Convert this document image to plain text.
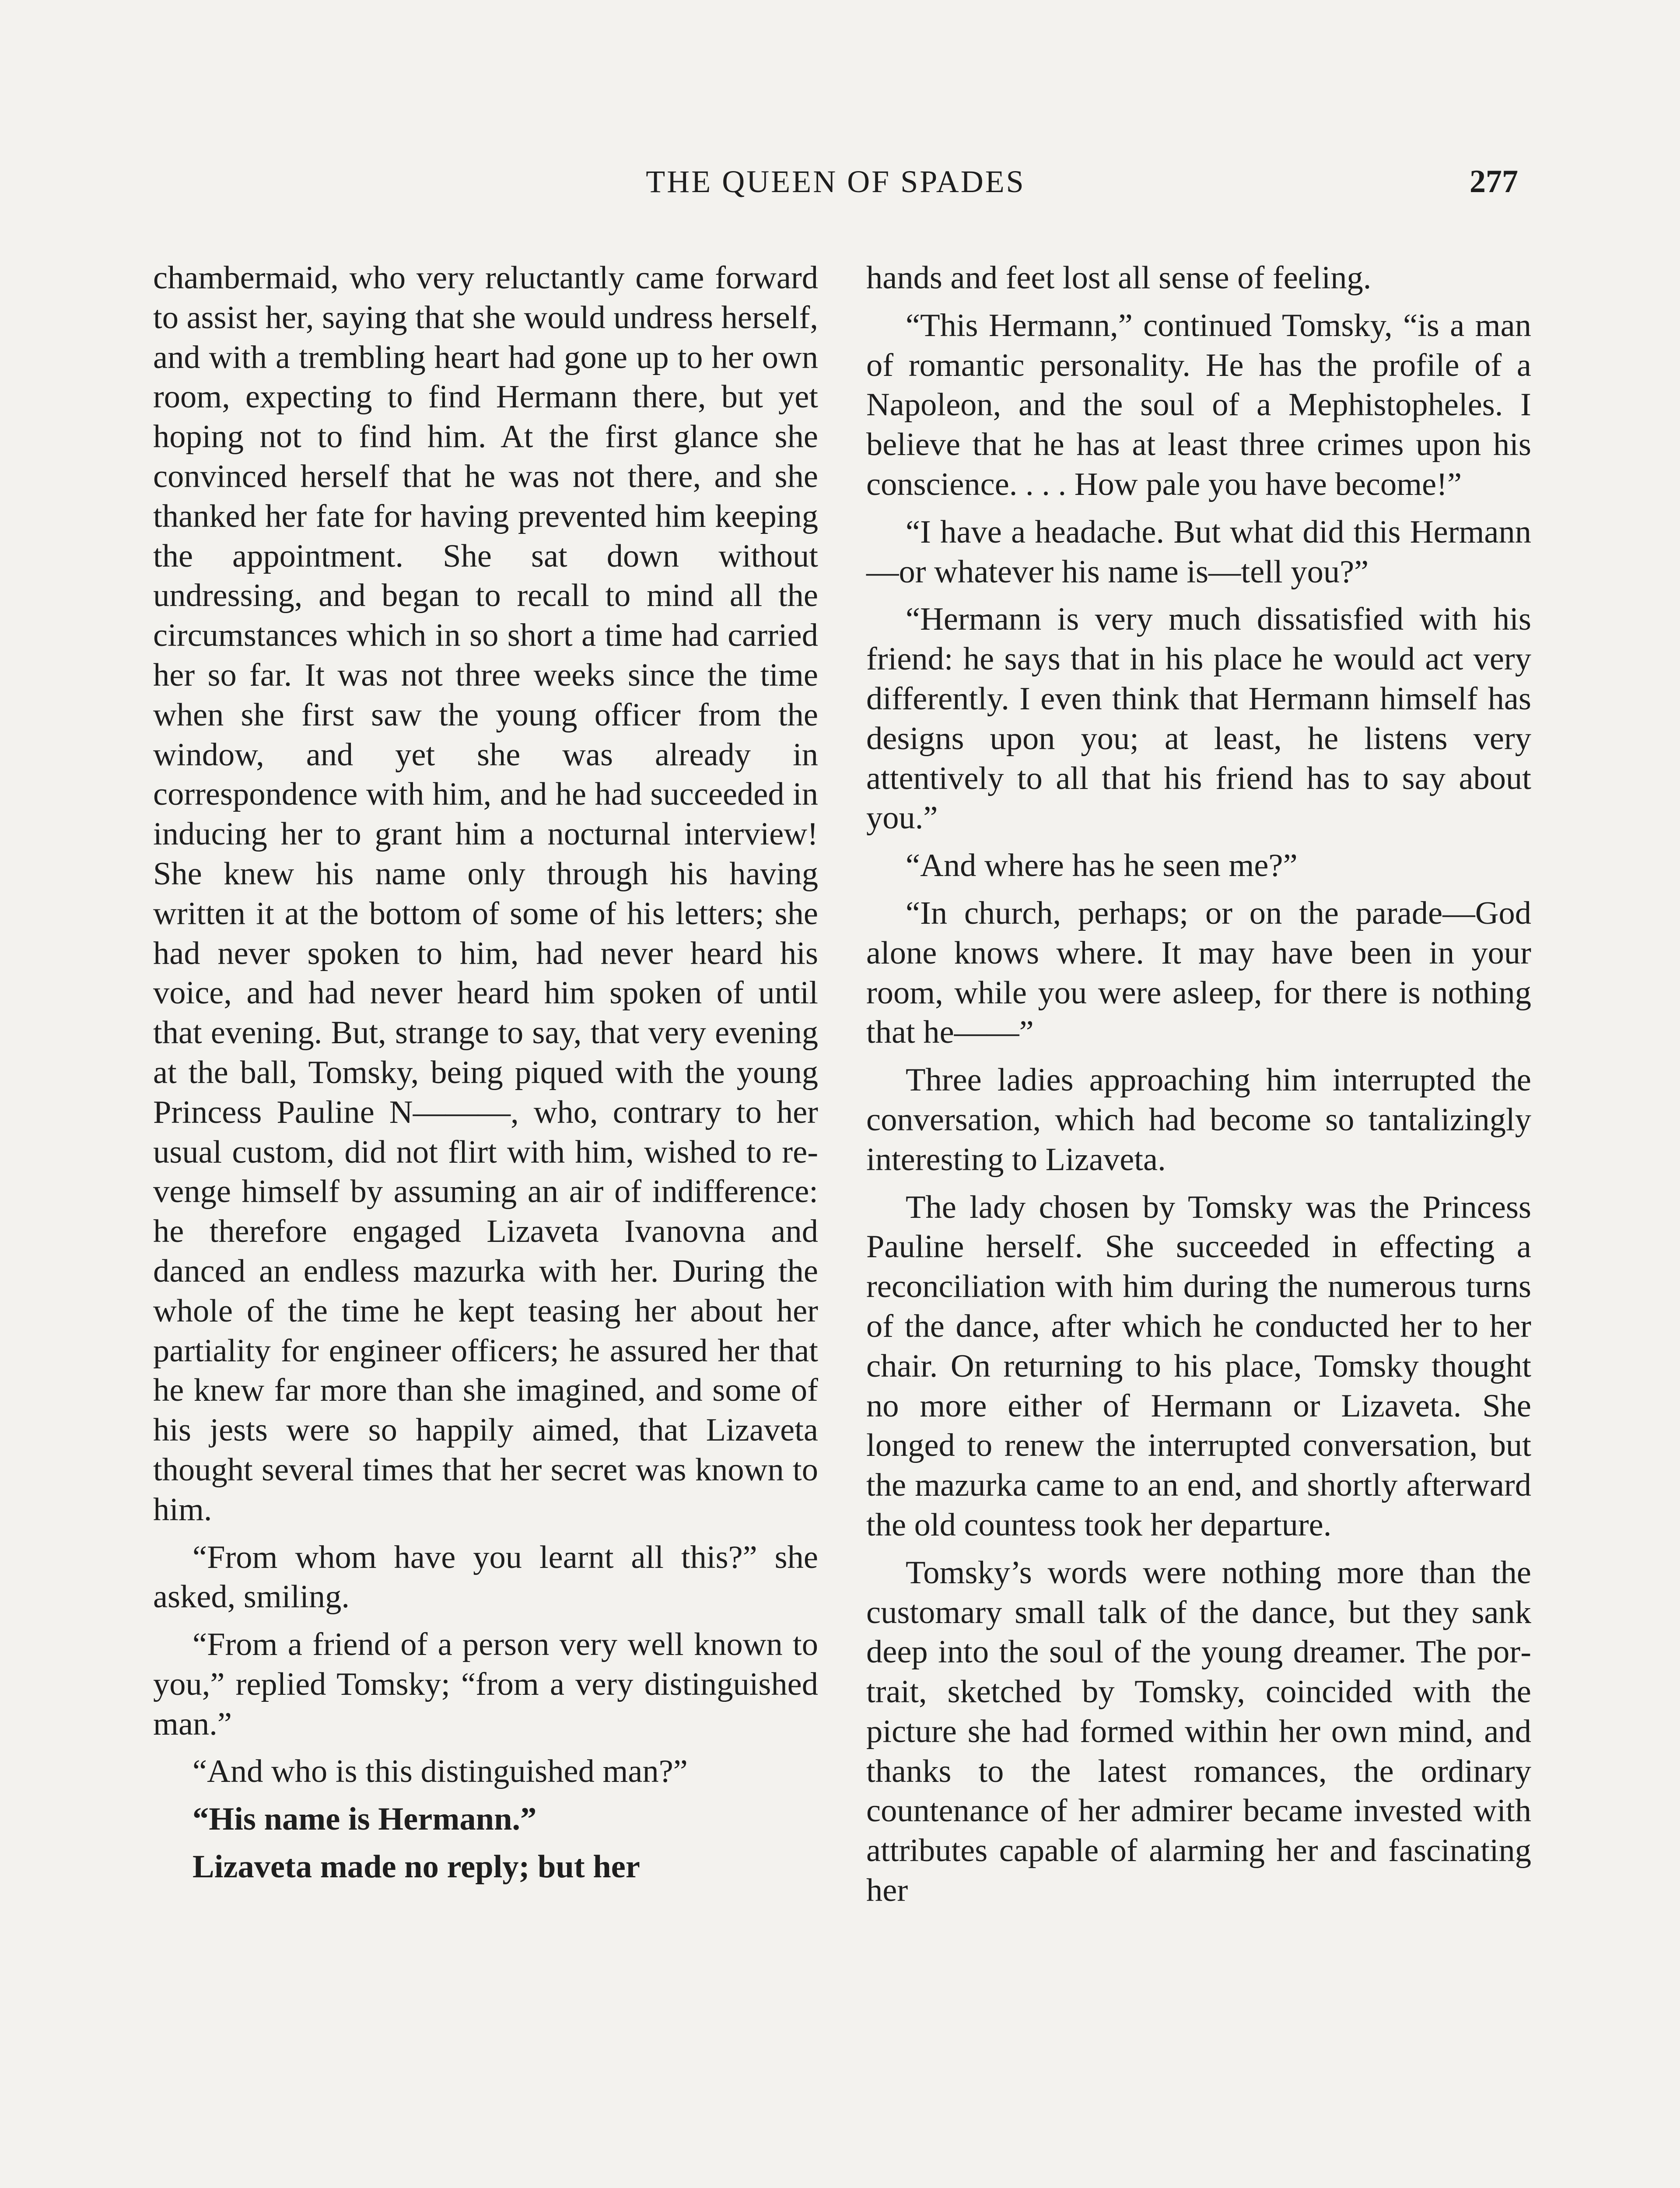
THE QUEEN OF SPADES	277

chambermaid, who very reluctantly came forward to assist her, saying that she would undress herself, and with a trembling heart had gone up to her own room, expecting to find Hermann there, but yet hoping not to find him. At the first glance she convinced herself that he was not there, and she thanked her fate for having prevented him keeping the appointment. She sat down without undressing, and began to recall to mind all the circumstances which in so short a time had carried her so far. It was not three weeks since the time when she first saw the young officer from the window, and yet she was already in correspondence with him, and he had succeeded in inducing her to grant him a nocturnal interview! She knew his name only through his having written it at the bottom of some of his letters; she had never spoken to him, had never heard his voice, and had never heard him spoken of until that evening. But, strange to say, that very evening at the ball, Tomsky, being piqued with the young Princess Pauline N———, who, contrary to her usual custom, did not flirt with him, wished to revenge himself by assuming an air of indifference: he therefore engaged Lizaveta Ivanovna and danced an endless mazurka with her. During the whole of the time he kept teasing her about her partiality for engineer officers; he assured her that he knew far more than she imagined, and some of his jests were so happily aimed, that Lizaveta thought several times that her secret was known to him.

“From whom have you learnt all this?” she asked, smiling.

“From a friend of a person very well known to you,” replied Tomsky; “from a very distinguished man.”

“And who is this distinguished man?”

“His name is Hermann.”

Lizaveta made no reply; but her

hands and feet lost all sense of feeling.

“This Hermann,” continued Tomsky, “is a man of romantic personality. He has the profile of a Napoleon, and the soul of a Mephistopheles. I believe that he has at least three crimes upon his conscience. . . . How pale you have become!”

“I have a headache. But what did this Hermann—or whatever his name is—tell you?”

“Hermann is very much dissatisfied with his friend: he says that in his place he would act very differently. I even think that Hermann himself has designs upon you; at least, he listens very attentively to all that his friend has to say about you.”

“And where has he seen me?”

“In church, perhaps; or on the parade—God alone knows where. It may have been in your room, while you were asleep, for there is nothing that he——”

Three ladies approaching him interrupted the conversation, which had become so tantalizingly interesting to Lizaveta.

The lady chosen by Tomsky was the Princess Pauline herself. She succeeded in effecting a reconciliation with him during the numerous turns of the dance, after which he conducted her to her chair. On returning to his place, Tomsky thought no more either of Hermann or Lizaveta. She longed to renew the interrupted conversation, but the mazurka came to an end, and shortly afterward the old countess took her departure.

Tomsky’s words were nothing more than the customary small talk of the dance, but they sank deep into the soul of the young dreamer. The portrait, sketched by Tomsky, coincided with the picture she had formed within her own mind, and thanks to the latest romances, the ordinary countenance of her admirer became invested with attributes capable of alarming her and fascinating her
